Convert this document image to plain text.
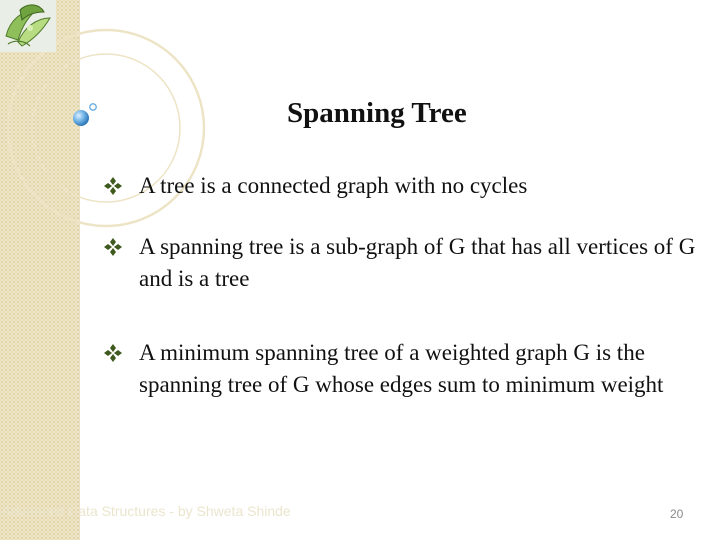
Spanning Tree
A tree is a connected graph with no cycles
A spanning tree is a sub-graph of G that has all vertices of G and is a tree
A minimum spanning tree of a weighted graph G is the spanning tree of G whose edges sum to minimum weight
Advanced Data Structures - by Shweta Shinde	20
